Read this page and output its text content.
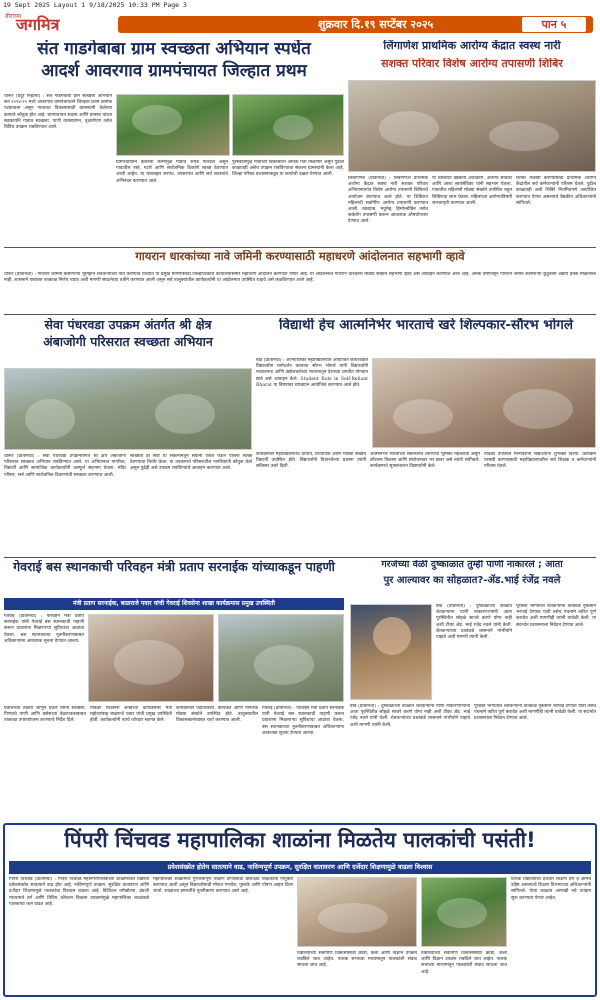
19 Sept 2025 Layout 1 9/18/2025 10:33 PM Page 3
वीरांच्या
जगमित्र	शुक्रवार दि.१९ सप्टेंबर २०२५	पान ५
संत गाडगेबाबा ग्राम स्वच्छता अभियान स्पर्धेत
आदर्श आवरगाव ग्रामपंचायत जिल्हात प्रथम
धारूर (प्रदूर निहाली) : संत गाडगेबाबा ग्राम स्वच्छता अभियान सन २०२४-२५ मध्ये आवरगाव ग्रामपंचायतने जिल्हात प्रथम क्रमांक पटकावला असून गावाच्या विकासासाठी ग्रामस्थांनी केलेल्या कामाचे कौतुक होत आहे. ग्रामपंचायत सदस्य आणि ग्रामस्थ यांच्या सहकार्याने गावात स्वच्छता, पाणी व्यवस्थापन, वृक्षारोपण तसेच विविध उपक्रम राबविण्यात आले.
ग्रामपंचायतने केलेल्या कामांमुळे गावाचे रूपडे पालटले असून गावातील रस्ते, गटारे आणि सार्वजनिक ठिकाणे स्वच्छ ठेवण्यात आली आहेत. या यशाबद्दल सरपंच, उपसरपंच आणि सर्व सदस्यांचे अभिनंदन करण्यात आले.
पुरस्कारामुळे गावाच्या विकासाला अधिक गती मिळणार असून पुढील काळातही असेच उपक्रम राबविण्याचा संकल्प ग्रामस्थांनी केला आहे. जिल्हा परिषद प्रशासनाकडून या कार्याची दखल घेण्यात आली.
लिंगाणेश प्राथमिक आरोग्य केंद्रात स्वस्थ नारी
सशक्त परिवार विशेष आरोग्य तपासणी शिबिर
लिंबागणेश (प्रतिनिधी) : लिंबागणेश प्राथमिक आरोग्य केंद्रात स्वस्थ नारी सशक्त परिवार अभियानांतर्गत विशेष आरोग्य तपासणी शिबिराचे आयोजन करण्यात आले होते. या शिबिरात महिलांची सर्वांगीण आरोग्य तपासणी करण्यात आली. रक्तदाब, मधुमेह, हिमोग्लोबिन तसेच कर्करोग तपासणी करून आवश्यक औषधोपचार देण्यात आले.
या शिबिरात वैद्यकीय अधिकारी, आरोग्य सेविका आणि आशा स्वयंसेविका यांनी सहभाग घेतला. गावातील महिलांनी मोठ्या संख्येने उपस्थित राहून शिबिराचा लाभ घेतला. महिलांच्या आरोग्याविषयी जनजागृती करण्यात आली.
शिबिर यशस्वी करण्यासाठी प्राथमिक आरोग्य केंद्रातील सर्व कर्मचाऱ्यांनी परिश्रम घेतले. पुढील काळातही अशी शिबिरे नियमितपणे आयोजित करण्यात येणार असल्याचे वैद्यकीय अधिकाऱ्यांनी सांगितले.
गायरान धारकांच्या नावे जमिनी करण्यासाठी महाधरणे आंदोलनात सहभागी व्हावे
धारूर (प्रतिनिधी) : गायरान जमिनी कसणाऱ्या भूमिहीन शेतकऱ्यांच्या नावे करण्यात याव्यात या प्रमुख मागणीसाठी जिल्हाधिकारी कार्यालयासमोर महाधरणे आंदोलन करण्यात येणार आहे. या आंदोलनात गायरान धारकांनी मोठ्या संख्येने सहभागी व्हावे असे आवाहन करण्यात आले आहे. अनेक वर्षांपासून गायरान जमीन कसणाऱ्या कुटुंबांना अद्याप हक्क मिळालेला नाही. शासनाने याबाबत तात्काळ निर्णय घ्यावा अशी मागणी संघटनेच्या वतीने करण्यात आली असून सर्व तालुक्यांतील कार्यकर्त्यांनी या आंदोलनात उपस्थित राहावे असे कळविण्यात आले आहे.
सेवा पंधरवडा उपक्रम अंतर्गत श्री क्षेत्र
अंबाजोगी परिसरात स्वच्छता अभियान
धारूर (प्रतिनिधी) : सेवा पंधरवडा उपक्रमांतर्गत श्री क्षेत्र अंबाजोगी परिसरात स्वच्छता अभियान राबविण्यात आले. या अभियानात नागरिक, विद्यार्थी आणि सामाजिक कार्यकर्त्यांनी उत्स्फूर्त सहभाग घेतला. मंदिर परिसर, रस्ते आणि सार्वजनिक ठिकाणांची स्वच्छता करण्यात आली.
स्वच्छता ही सेवा या संकल्पनेतून सर्वांनी एकत्र येऊन परिसर स्वच्छ ठेवण्याचा निर्धार केला. या उपक्रमाचे परिसरातील नागरिकांनी कौतुक केले असून पुढेही असे उपक्रम राबविण्याचे आवाहन करण्यात आले.
विद्यार्थी हेच आत्मनिर्भर भारताचे खरे शिल्पकार-सौरभ भोगले
बीड (प्रतिनिधी) : अभियांत्रिकी महाविद्यालयात आयोजित कार्यशाळेत विद्यार्थ्यांना मार्गदर्शन करताना सौरभ भोगले यांनी विद्यार्थ्यांनी नवकल्पना आणि उद्योजकतेच्या माध्यमातून देशाच्या प्रगतीत योगदान द्यावे असे आवाहन केले. Student Role in Self-Reliant Bharat या विषयावर व्याख्यान आयोजित करण्यात आले होते.
कार्यक्रमास महाविद्यालयाचे प्राचार्य, प्राध्यापक आणि मोठ्या संख्येने विद्यार्थी उपस्थित होते. विद्यार्थ्यांनी विचारलेल्या प्रश्नांना त्यांनी सविस्तर उत्तरे दिली.
आत्मनिर्भर भारताच्या संकल्पनेत तरुणांची भूमिका महत्त्वाची असून कौशल्य विकास आणि संशोधनावर भर द्यावा असे त्यांनी सांगितले. कार्यक्रमाचे सूत्रसंचालन विद्यार्थ्यांनी केले.
यावेळी उपस्थित मान्यवरांनी विद्यार्थ्यांना शुभेच्छा दिल्या. कार्यक्रम यशस्वी करण्यासाठी महाविद्यालयातील सर्व शिक्षक व कर्मचाऱ्यांनी परिश्रम घेतले.
गेवराई बस स्थानकाची परिवहन मंत्री प्रताप सरनाईक यांच्याकडून पाहणी
मंत्री प्रताप सरनाईक, बाळराजे पवार यांची गेवराई शिवसेना शाखा कार्यक्रमास प्रमुख उपस्थिती
गेवराई (प्रतिनिधी) : परिवहन मंत्री प्रताप सरनाईक यांनी गेवराई बस स्थानकाची पाहणी करून प्रवाशांना मिळणाऱ्या सुविधांचा आढावा घेतला. बस स्थानकाच्या नूतनीकरणाबाबत अधिकाऱ्यांना आवश्यक सूचना देण्यात आल्या.
प्रवाशांच्या तक्रारी जाणून घेऊन त्यांनी स्वच्छता, पिण्याचे पाणी आणि बसेसच्या वेळापत्रकाबाबत तात्काळ उपाययोजना करण्याचे निर्देश दिले.
यावेळी शिवसेना शाखेच्या कार्यक्रमास मंत्री महोदयांसह बाळराजे पवार यांची प्रमुख उपस्थिती होती. कार्यकर्त्यांनी त्यांचे जोरदार स्वागत केले.
कार्यक्रमास पदाधिकारी, कार्यकर्ते आणि नागरिक मोठ्या संख्येने उपस्थित होते. तालुक्यातील विकासकामांबाबत चर्चा करण्यात आली.
गेवराई (प्रतिनिधी) : परिवहन मंत्री प्रताप सरनाईक यांनी गेवराई बस स्थानकाची पाहणी करून प्रवाशांना मिळणाऱ्या सुविधांचा आढावा घेतला. बस स्थानकाच्या नूतनीकरणाबाबत अधिकाऱ्यांना आवश्यक सूचना देण्यात आल्या.
गरजेच्या वेळी दुष्काळात तुम्ही पाणी नाकारलं ; आता
पुर आल्यावर का सोहळात?-ॲड.भाई रंजेंद्र नवले
बीड (प्रतिनिधी) : दुष्काळाच्या काळात शेतकऱ्यांना पाणी नाकारणाऱ्यांनी आता पूरस्थितीत सोहळे साजरे करणे योग्य नाही अशी टीका ॲड. भाई रंजेंद्र नवले यांनी केली. शेतकऱ्यांच्या प्रश्नांकडे शासनाने गांभीर्याने पाहावे अशी मागणी त्यांनी केली.
पूरग्रस्त भागातील शेतकऱ्यांना तात्काळ नुकसान भरपाई देण्यात यावी तसेच पंचनामे त्वरित पूर्ण करावेत अशी मागणीही त्यांनी यावेळी केली. या संदर्भात प्रशासनाला निवेदन देण्यात आले.
बीड (प्रतिनिधी) : दुष्काळाच्या काळात शेतकऱ्यांना पाणी नाकारणाऱ्यांनी आता पूरस्थितीत सोहळे साजरे करणे योग्य नाही अशी टीका ॲड. भाई रंजेंद्र नवले यांनी केली. शेतकऱ्यांच्या प्रश्नांकडे शासनाने गांभीर्याने पाहावे अशी मागणी त्यांनी केली.
पूरग्रस्त भागातील शेतकऱ्यांना तात्काळ नुकसान भरपाई देण्यात यावी तसेच पंचनामे त्वरित पूर्ण करावेत अशी मागणीही त्यांनी यावेळी केली. या संदर्भात प्रशासनाला निवेदन देण्यात आले.
पिंपरी चिंचवड महापालिका शाळांना मिळतेय पालकांची पसंती!
प्रवेशसंख्येत होतेय सातत्याने वाढ, नाविन्यपूर्ण उपक्रम, सुरक्षित वातावरण आणि दर्जेदार शिक्षणामुळे वाढला विश्वास
पिंपरी चिंचवड (प्रतिनिधी) : पिंपरी चिंचवड महानगरपालिकेच्या शाळांमधील विद्यार्थी प्रवेशसंख्येत सातत्याने वाढ होत आहे. नाविन्यपूर्ण उपक्रम, सुरक्षित वातावरण आणि दर्जेदार शिक्षणामुळे पालकांचा विश्वास वाढला आहे. डिजिटल वर्गखोल्या, इंग्रजी माध्यमाचे वर्ग आणि विविध कौशल्य विकास उपक्रमांमुळे महापालिका शाळांकडे पालकांचा कल वाढत आहे.
महापालिका शाळांमध्ये गुणवत्तापूर्ण शिक्षण देण्यासाठी प्रशिक्षित शिक्षकांची नियुक्ती करण्यात आली असून विद्यार्थ्यांसाठी मोफत गणवेश, पुस्तके आणि पोषण आहार दिला जातो. शाळांच्या इमारतींचे नूतनीकरण करण्यात आले आहे.
विद्यार्थ्यांच्या सर्वांगीण विकासासाठी क्रीडा, कला आणि विज्ञान उपक्रम राबविले जात आहेत. पालक सभांच्या माध्यमातून पालकांशी संवाद साधला जात आहे.
प्रत्येक विद्यार्थ्याला दर्जेदार शिक्षण देणे हे आमचे उद्दिष्ट असल्याचे शिक्षण विभागाच्या अधिकाऱ्यांनी सांगितले. येत्या काळात आणखी नवे उपक्रम सुरू करण्यात येणार आहेत.
विद्यार्थ्यांच्या सर्वांगीण विकासासाठी क्रीडा, कला आणि विज्ञान उपक्रम राबविले जात आहेत. पालक सभांच्या माध्यमातून पालकांशी संवाद साधला जात आहे.
